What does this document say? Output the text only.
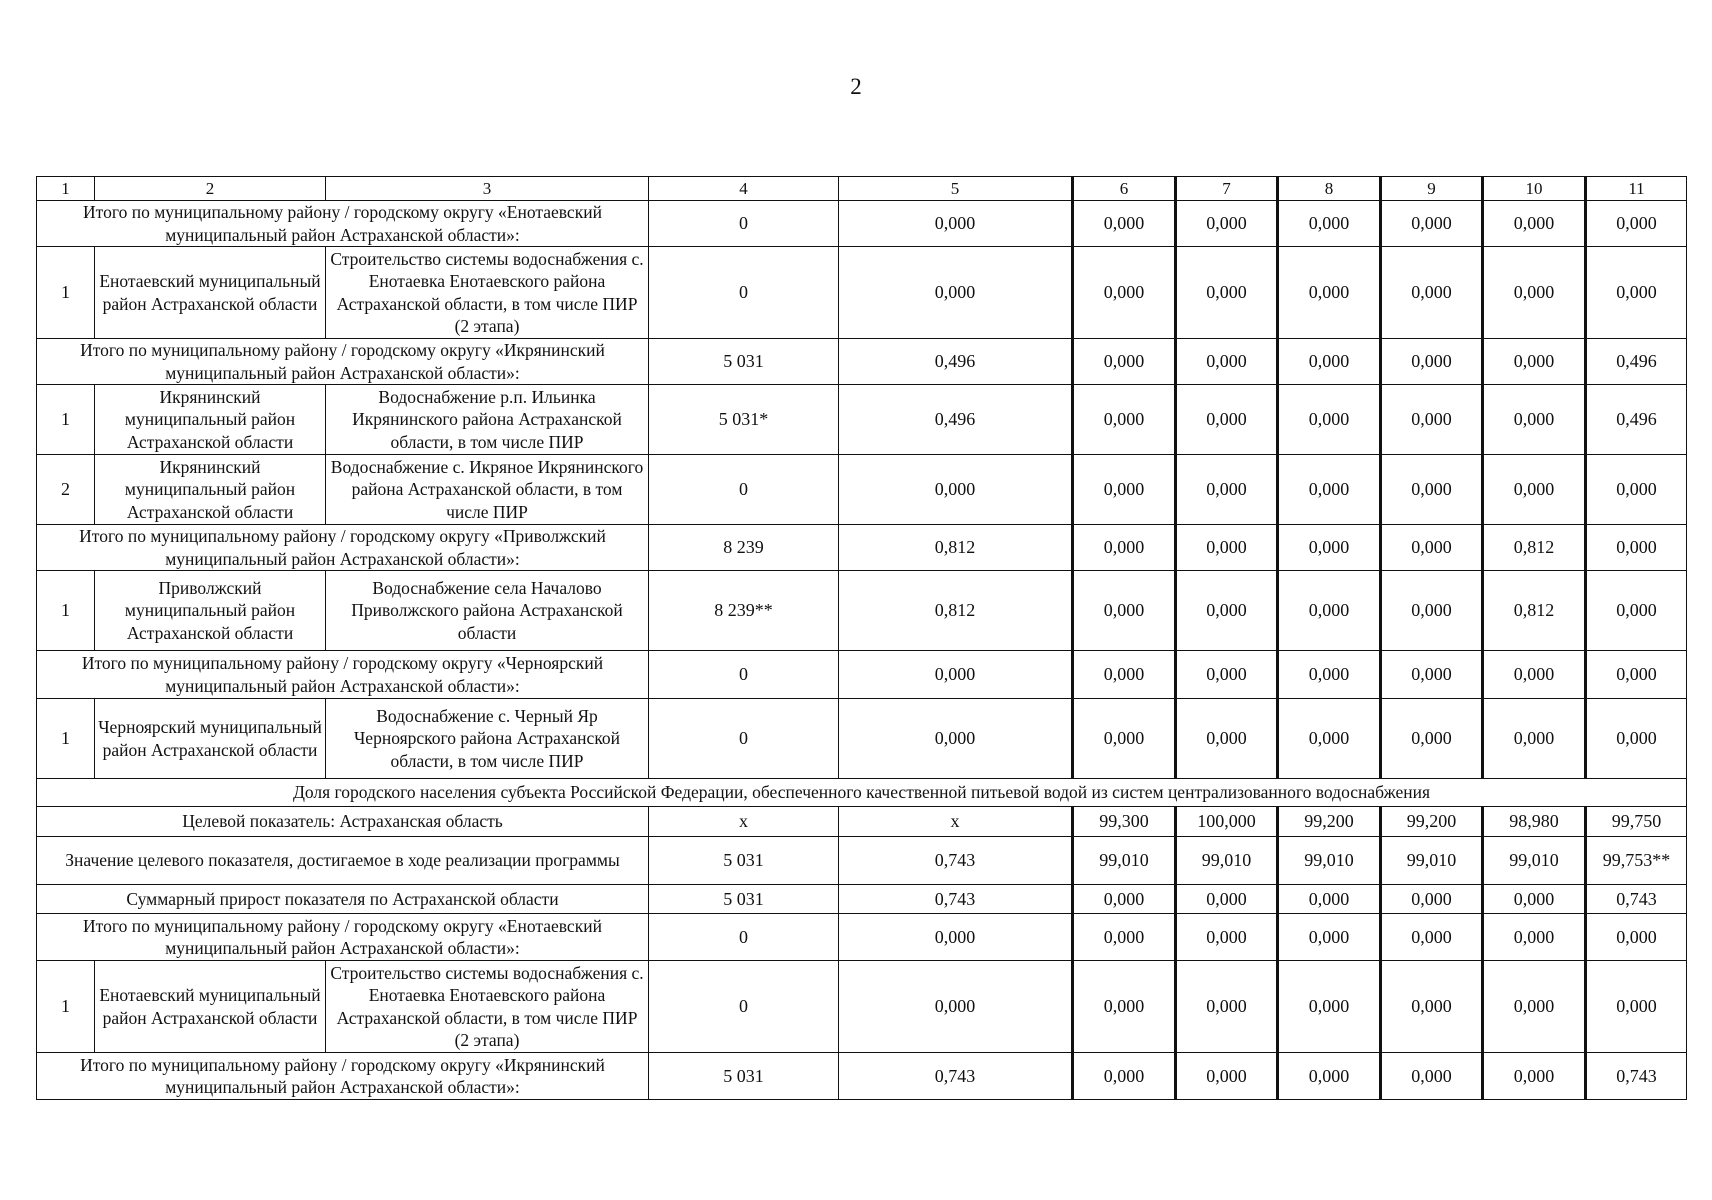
2
1	2	3	4	5	6	7	8	9	10	11
Итого по муниципальному району / городскому округу «Енотаевский муниципальный район Астраханской области»:			0	0,000	0,000	0,000	0,000	0,000	0,000	0,000
1	Енотаевский муниципальный район Астраханской области	Строительство системы водоснабжения с. Енотаевка Енотаевского района Астраханской области, в том числе ПИР (2 этапа)	0	0,000	0,000	0,000	0,000	0,000	0,000	0,000
Итого по муниципальному району / городскому округу «Икрянинский муниципальный район Астраханской области»:			5 031	0,496	0,000	0,000	0,000	0,000	0,000	0,496
1	Икрянинский муниципальный район Астраханской области	Водоснабжение р.п. Ильинка Икрянинского района Астраханской области, в том числе ПИР	5 031*	0,496	0,000	0,000	0,000	0,000	0,000	0,496
2	Икрянинский муниципальный район Астраханской области	Водоснабжение с. Икряное Икрянинского района Астраханской области, в том числе ПИР	0	0,000	0,000	0,000	0,000	0,000	0,000	0,000
Итого по муниципальному району / городскому округу «Приволжский муниципальный район Астраханской области»:			8 239	0,812	0,000	0,000	0,000	0,000	0,812	0,000
1	Приволжский муниципальный район Астраханской области	Водоснабжение села Началово Приволжского района Астраханской области	8 239**	0,812	0,000	0,000	0,000	0,000	0,812	0,000
Итого по муниципальному району / городскому округу «Черноярский муниципальный район Астраханской области»:			0	0,000	0,000	0,000	0,000	0,000	0,000	0,000
1	Черноярский муниципальный район Астраханской области	Водоснабжение с. Черный Яр Черноярского района Астраханской области, в том числе ПИР	0	0,000	0,000	0,000	0,000	0,000	0,000	0,000
Доля городского населения субъекта Российской Федерации, обеспеченного качественной питьевой водой из систем централизованного водоснабжения										
Целевой показатель: Астраханская область			x	x	99,300	100,000	99,200	99,200	98,980	99,750
Значение целевого показателя, достигаемое в ходе реализации программы			5 031	0,743	99,010	99,010	99,010	99,010	99,010	99,753**
Суммарный прирост показателя по Астраханской области			5 031	0,743	0,000	0,000	0,000	0,000	0,000	0,743
Итого по муниципальному району / городскому округу «Енотаевский муниципальный район Астраханской области»:			0	0,000	0,000	0,000	0,000	0,000	0,000	0,000
1	Енотаевский муниципальный район Астраханской области	Строительство системы водоснабжения с. Енотаевка Енотаевского района Астраханской области, в том числе ПИР (2 этапа)	0	0,000	0,000	0,000	0,000	0,000	0,000	0,000
Итого по муниципальному району / городскому округу «Икрянинский муниципальный район Астраханской области»:			5 031	0,743	0,000	0,000	0,000	0,000	0,000	0,743
